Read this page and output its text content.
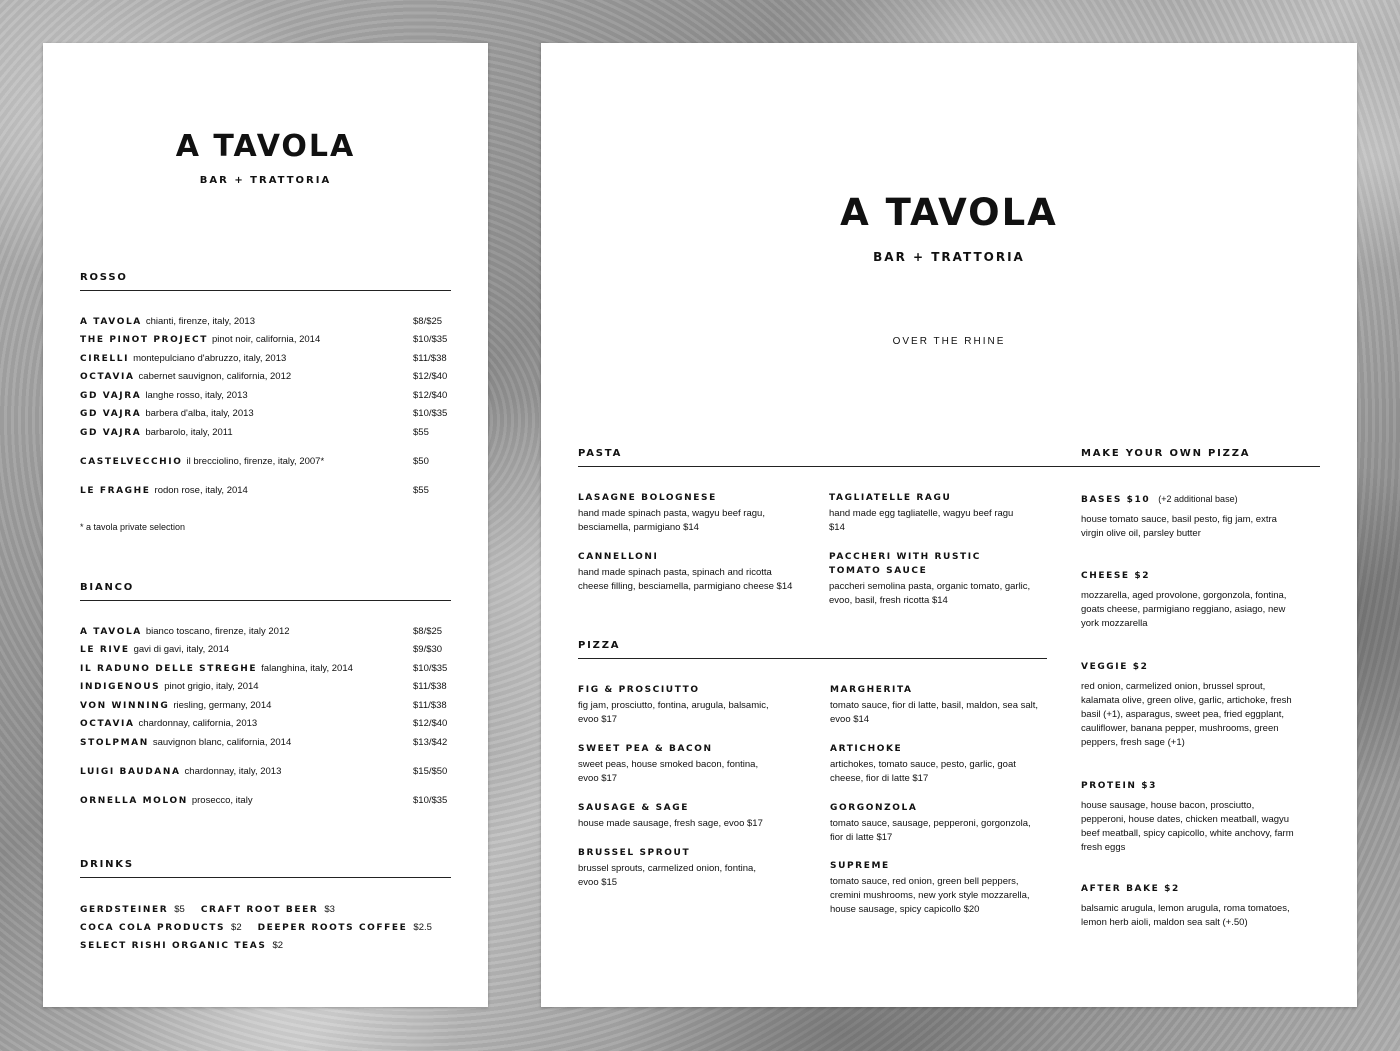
A TAVOLA
BAR + TRATTORIA
ROSSO
A TAVOLA chianti, firenze, italy, 2013	$8/$25
THE PINOT PROJECT pinot noir, california, 2014	$10/$35
CIRELLI montepulciano d'abruzzo, italy, 2013	$11/$38
OCTAVIA cabernet sauvignon, california, 2012	$12/$40
GD VAJRA langhe rosso, italy, 2013	$12/$40
GD VAJRA barbera d'alba, italy, 2013	$10/$35
GD VAJRA barbarolo, italy, 2011	$55
CASTELVECCHIO il brecciolino, firenze, italy, 2007*	$50
LE FRAGHE rodon rose, italy, 2014	$55
* a tavola private selection
BIANCO
A TAVOLA bianco toscano, firenze, italy 2012	$8/$25
LE RIVE gavi di gavi, italy, 2014	$9/$30
IL RADUNO DELLE STREGHE falanghina, italy, 2014	$10/$35
INDIGENOUS pinot grigio, italy, 2014	$11/$38
VON WINNING riesling, germany, 2014	$11/$38
OCTAVIA chardonnay, california, 2013	$12/$40
STOLPMAN sauvignon blanc, california, 2014	$13/$42
LUIGI BAUDANA chardonnay, italy, 2013	$15/$50
ORNELLA MOLON prosecco, italy	$10/$35
DRINKS
GERDSTEINER $5 CRAFT ROOT BEER $3
COCA COLA PRODUCTS $2 DEEPER ROOTS COFFEE $2.5
SELECT RISHI ORGANIC TEAS $2
A TAVOLA
BAR + TRATTORIA
OVER THE RHINE
PASTA
LASAGNE BOLOGNESE
hand made spinach pasta, wagyu beef ragu, besciamella, parmigiano $14
TAGLIATELLE RAGU
hand made egg tagliatelle, wagyu beef ragu $14
CANNELLONI
hand made spinach pasta, spinach and ricotta cheese filling, besciamella, parmigiano cheese $14
PACCHERI WITH RUSTIC TOMATO SAUCE
paccheri semolina pasta, organic tomato, garlic, evoo, basil, fresh ricotta $14
PIZZA
FIG & PROSCIUTTO
fig jam, prosciutto, fontina, arugula, balsamic, evoo $17
MARGHERITA
tomato sauce, fior di latte, basil, maldon, sea salt, evoo $14
SWEET PEA & BACON
sweet peas, house smoked bacon, fontina, evoo $17
ARTICHOKE
artichokes, tomato sauce, pesto, garlic, goat cheese, fior di latte $17
SAUSAGE & SAGE
house made sausage, fresh sage, evoo $17
GORGONZOLA
tomato sauce, sausage, pepperoni, gorgonzola, fior di latte $17
BRUSSEL SPROUT
brussel sprouts, carmelized onion, fontina, evoo $15
SUPREME
tomato sauce, red onion, green bell peppers, cremini mushrooms, new york style mozzarella, house sausage, spicy capicollo $20
MAKE YOUR OWN PIZZA
BASES $10 (+2 additional base)
house tomato sauce, basil pesto, fig jam, extra virgin olive oil, parsley butter
CHEESE $2
mozzarella, aged provolone, gorgonzola, fontina, goats cheese, parmigiano reggiano, asiago, new york mozzarella
VEGGIE $2
red onion, carmelized onion, brussel sprout, kalamata olive, green olive, garlic, artichoke, fresh basil (+1), asparagus, sweet pea, fried eggplant, cauliflower, banana pepper, mushrooms, green peppers, fresh sage (+1)
PROTEIN $3
house sausage, house bacon, prosciutto, pepperoni, house dates, chicken meatball, wagyu beef meatball, spicy capicollo, white anchovy, farm fresh eggs
AFTER BAKE $2
balsamic arugula, lemon arugula, roma tomatoes, lemon herb aioli, maldon sea salt (+.50)
